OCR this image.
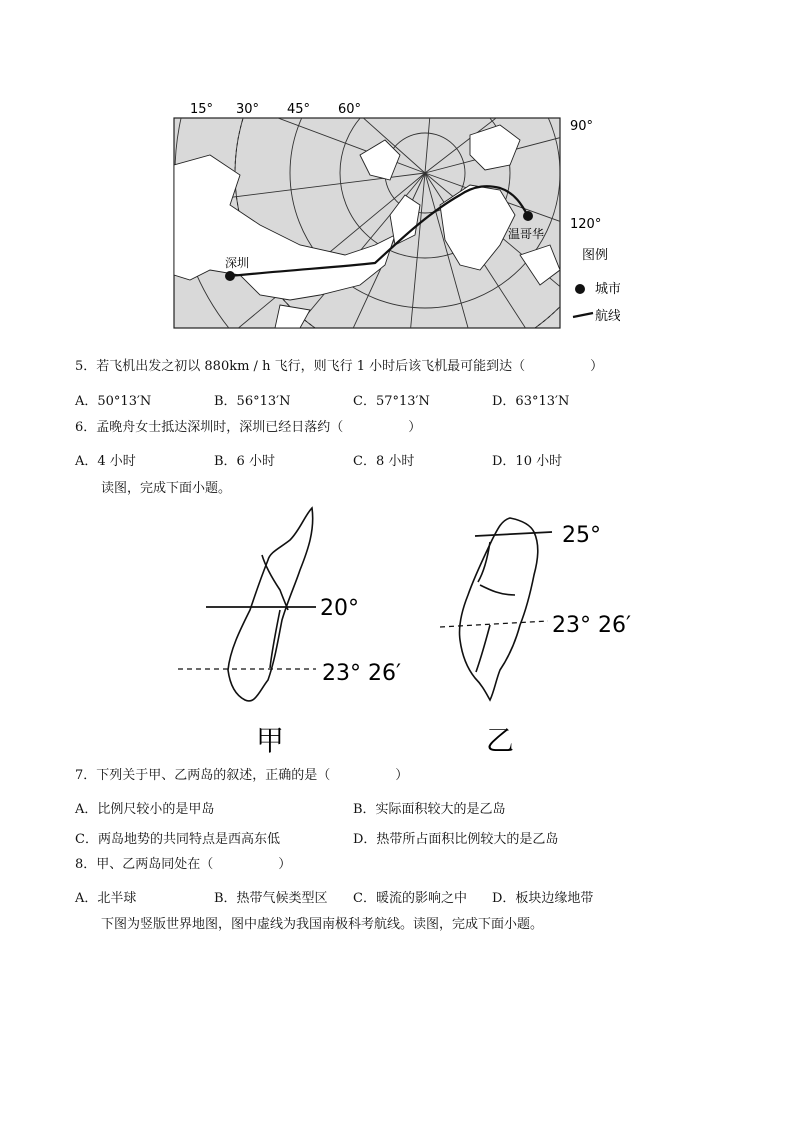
15° 30° 45° 60°
深圳
温哥华
90°
120°
图例
城市
航线
5．若飞机出发之初以 880km / h 飞行，则飞行 1 小时后该飞机最可能到达（　　　　　）
A．50°13′N	B．56°13′N	C．57°13′N	D．63°13′N
6．孟晚舟女士抵达深圳时，深圳已经日落约（　　　　　）
A．4 小时	B．6 小时	C．8 小时	D．10 小时
读图，完成下面小题。
20°
23° 26′
甲
25°
23° 26′
乙
7．下列关于甲、乙两岛的叙述，正确的是（　　　　　）
A．比例尺较小的是甲岛	B．实际面积较大的是乙岛
C．两岛地势的共同特点是西高东低	D．热带所占面积比例较大的是乙岛
8．甲、乙两岛同处在（　　　　　）
A．北半球	B．热带气候类型区 C．暖流的影响之中 D．板块边缘地带
下图为竖版世界地图，图中虚线为我国南极科考航线。读图，完成下面小题。
